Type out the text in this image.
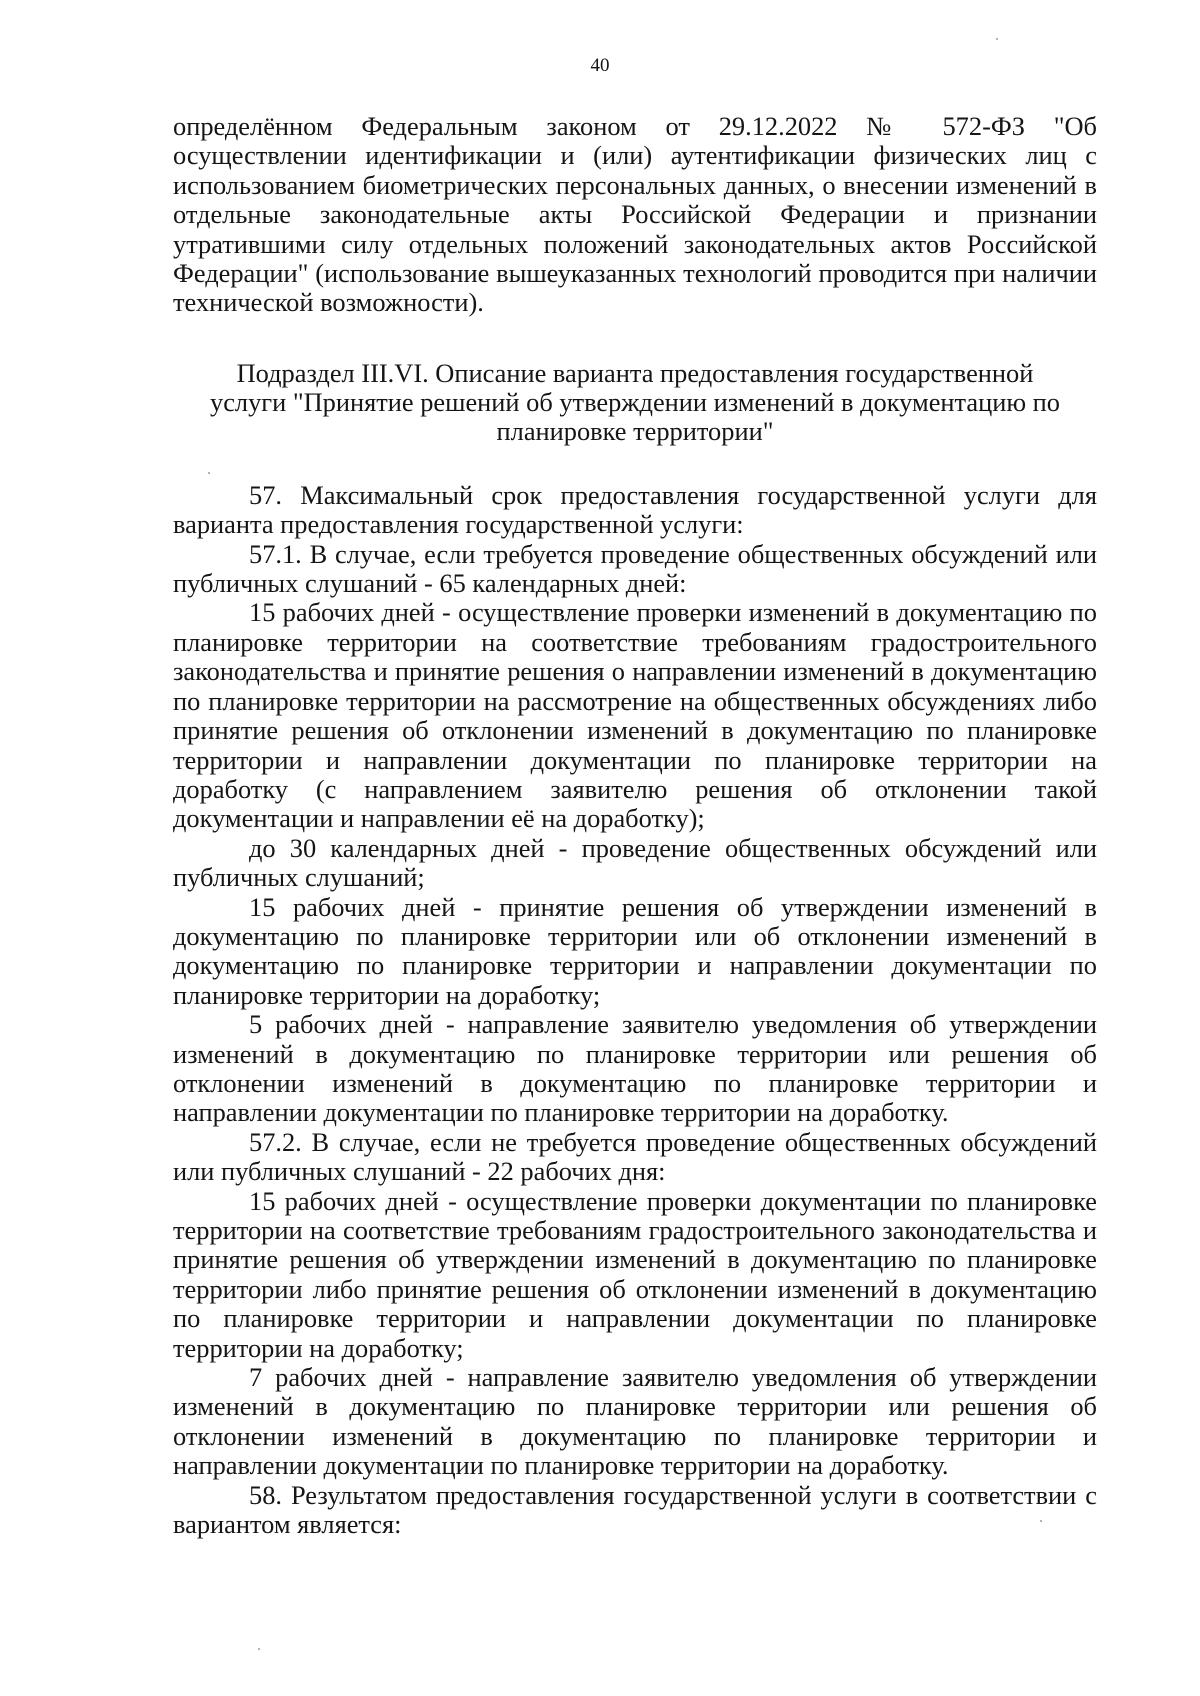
40

определённом Федеральным законом от 29.12.2022 № 572-ФЗ "Об осуществлении идентификации и (или) аутентификации физических лиц с использованием биометрических персональных данных, о внесении изменений в отдельные законодательные акты Российской Федерации и признании утратившими силу отдельных положений законодательных актов Российской Федерации" (использование вышеуказанных технологий проводится при наличии технической возможности).

Подраздел III.VI. Описание варианта предоставления государственной услуги "Принятие решений об утверждении изменений в документацию по планировке территории"

57. Максимальный срок предоставления государственной услуги для варианта предоставления государственной услуги:

57.1. В случае, если требуется проведение общественных обсуждений или публичных слушаний - 65 календарных дней:

15 рабочих дней - осуществление проверки изменений в документацию по планировке территории на соответствие требованиям градостроительного законодательства и принятие решения о направлении изменений в документацию по планировке территории на рассмотрение на общественных обсуждениях либо принятие решения об отклонении изменений в документацию по планировке территории и направлении документации по планировке территории на доработку (с направлением заявителю решения об отклонении такой документации и направлении её на доработку);

до 30 календарных дней - проведение общественных обсуждений или публичных слушаний;

15 рабочих дней - принятие решения об утверждении изменений в документацию по планировке территории или об отклонении изменений в документацию по планировке территории и направлении документации по планировке территории на доработку;

5 рабочих дней - направление заявителю уведомления об утверждении изменений в документацию по планировке территории или решения об отклонении изменений в документацию по планировке территории и направлении документации по планировке территории на доработку.

57.2. В случае, если не требуется проведение общественных обсуждений или публичных слушаний - 22 рабочих дня:

15 рабочих дней - осуществление проверки документации по планировке территории на соответствие требованиям градостроительного законодательства и принятие решения об утверждении изменений в документацию по планировке территории либо принятие решения об отклонении изменений в документацию по планировке территории и направлении документации по планировке территории на доработку;

7 рабочих дней - направление заявителю уведомления об утверждении изменений в документацию по планировке территории или решения об отклонении изменений в документацию по планировке территории и направлении документации по планировке территории на доработку.

58. Результатом предоставления государственной услуги в соответствии с вариантом является:
